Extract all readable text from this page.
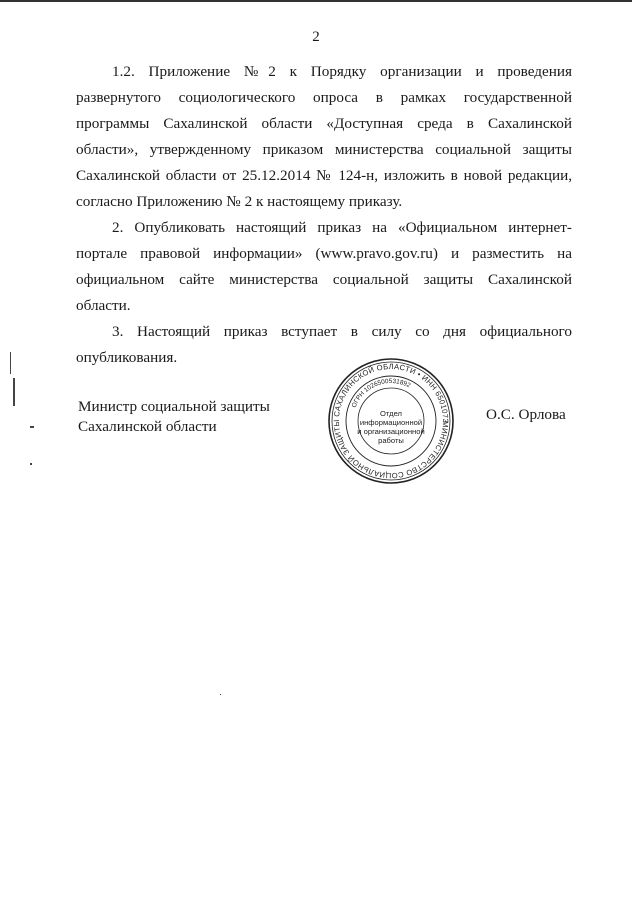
2

1.2. Приложение №2 к Порядку организации и проведения развернутого социологического опроса в рамках государственной программы Сахалинской области «Доступная среда в Сахалинской области», утвержденному приказом министерства социальной защиты Сахалинской области от 25.12.2014 № 124-н, изложить в новой редакции, согласно Приложению № 2 к настоящему приказу.

2. Опубликовать настоящий приказ на «Официальном интернет-портале правовой информации» (www.pravo.gov.ru) и разместить на официальном сайте министерства социальной защиты Сахалинской области.

3. Настоящий приказ вступает в силу со дня официального опубликования.

Министр социальной защиты
Сахалинской области	МИНИСТЕРСТВО СОЦИАЛЬНОЙ ЗАЩИТЫ САХАЛИНСКОЙ ОБЛАСТИ • ИНН 6501073
ОГРН 1026500531892
Отдел
информационной
и организационной
работы
О.С. Орлова
